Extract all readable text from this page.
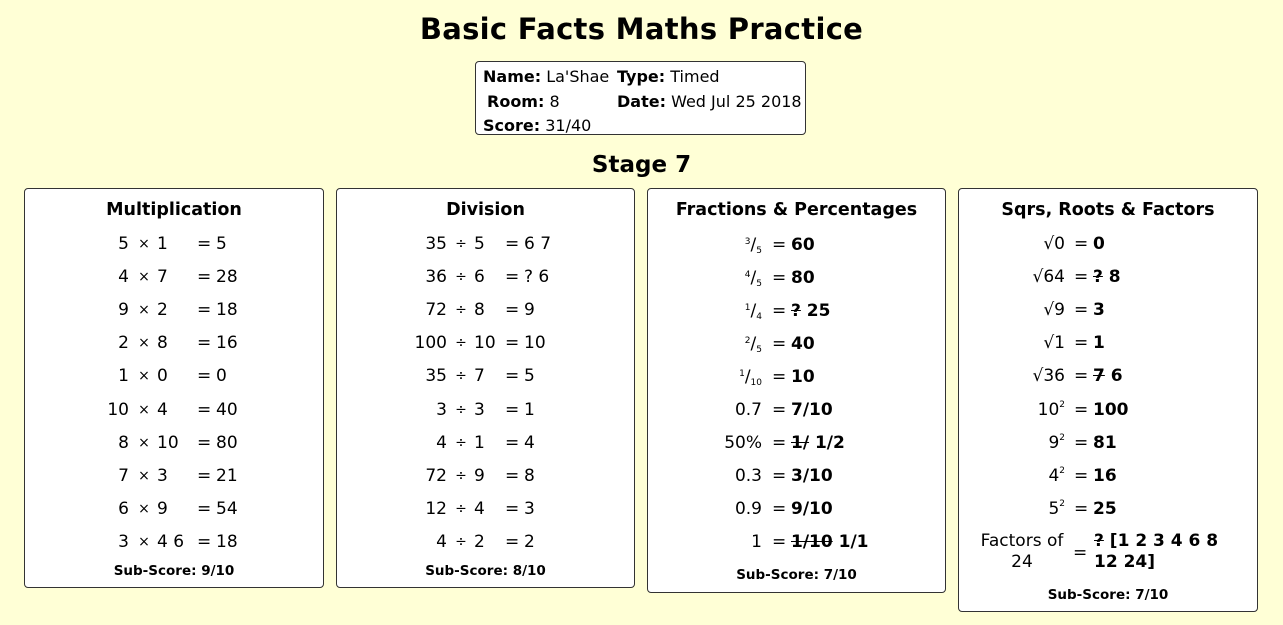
Basic Facts Maths Practice
Name: La'Shae Type: Timed
Room: 8	Date: Wed Jul 25 2018
Score: 31/40
Stage 7
Multiplication
5 × 1 = 5
4 × 7 = 28
9 × 2 = 18
2 × 8 = 16
1 × 0 = 0
10 × 4 = 40
8 × 10 = 80
7 × 3 = 21
6 × 9 = 54
3 × 4 6 = 18
Sub-Score: 9/10
Division
35 ÷ 5 = 6 7
36 ÷ 6 = ? 6
72 ÷ 8 = 9
100 ÷ 10 = 10
35 ÷ 7 = 5
3 ÷ 3 = 1
4 ÷ 1 = 4
72 ÷ 9 = 8
12 ÷ 4 = 3
4 ÷ 2 = 2
Sub-Score: 8/10
Fractions & Percentages
$^3/_5 = 60$
$^4/_5 = 80$
$^1/_4$ = ? 25
$^2/_5 = 40$
$^1/_{10} = 10$
0.7 = 7/10
50% = 1/ 1/2
0.3 = 3/10
0.9 = 9/10
1 = 1/10 1/1
Sub-Score: 7/10
Sqrs, Roots & Factors
√0 = 0
√64 = ? 8
√9 = 3
√1 = 1
√36 = 7 6
$10^2 = 100$
$9^2 = 81$
$4^2 = 16$
$5^2 = 25$
Factors of
24	=
? [1 2 3 4 6 8
12 24]
Sub-Score: 7/10
